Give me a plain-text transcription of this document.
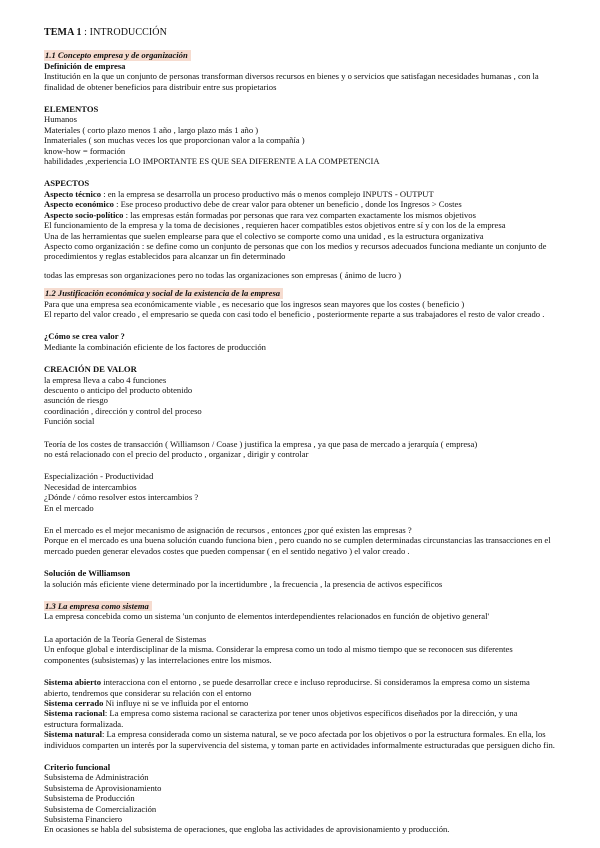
TEMA 1 : INTRODUCCIÓN
1.1 Concepto empresa y de organización
Definición de empresa
Institución en la que un conjunto de personas transforman diversos recursos en bienes y o servicios que satisfagan necesidades humanas , con la
finalidad de obtener beneficios para distribuir entre sus propietarios
ELEMENTOS
Humanos
Materiales ( corto plazo menos 1 año , largo plazo más 1 año )
Inmateriales ( son muchas veces los que proporcionan valor a la compañía )
know-how = formación
habilidades ,experiencia LO IMPORTANTE ES QUE SEA DIFERENTE A LA COMPETENCIA
ASPECTOS
Aspecto técnico : en la empresa se desarrolla un proceso productivo más o menos complejo INPUTS - OUTPUT
Aspecto económico : Ese proceso productivo debe de crear valor para obtener un beneficio , donde los Ingresos > Costes
Aspecto socio-político : las empresas están formadas por personas que rara vez comparten exactamente los mismos objetivos
El funcionamiento de la empresa y la toma de decisiones , requieren hacer compatibles estos objetivos entre sí y con los de la empresa
Una de las herramientas que suelen emplearse para que el colectivo se comporte como una unidad , es la estructura organizativa
Aspecto como organización : se define como un conjunto de personas que con los medios y recursos adecuados funciona mediante un conjunto de
procedimientos y reglas establecidos para alcanzar un fin determinado
todas las empresas son organizaciones pero no todas las organizaciones son empresas ( ánimo de lucro )
1.2 Justificación económica y social de la existencia de la empresa
Para que una empresa sea económicamente viable , es necesario que los ingresos sean mayores que los costes ( beneficio )
El reparto del valor creado , el empresario se queda con casi todo el beneficio , posteriormente reparte a sus trabajadores el resto de valor creado .
¿Cómo se crea valor ?
Mediante la combinación eficiente de los factores de producción
CREACIÓN DE VALOR
la empresa lleva a cabo 4 funciones
descuento o anticipo del producto obtenido
asunción de riesgo
coordinación , dirección y control del proceso
Función social
Teoría de los costes de transacción ( Williamson / Coase ) justifica la empresa , ya que pasa de mercado a jerarquía ( empresa)
no está relacionado con el precio del producto , organizar , dirigir y controlar
Especialización - Productividad
Necesidad de intercambios
¿Dónde / cómo resolver estos intercambios ?
En el mercado
En el mercado es el mejor mecanismo de asignación de recursos , entonces ¿por qué existen las empresas ?
Porque en el mercado es una buena solución cuando funciona bien , pero cuando no se cumplen determinadas circunstancias las transacciones en el
mercado pueden generar elevados costes que pueden compensar ( en el sentido negativo ) el valor creado .
Solución de Williamson
la solución más eficiente viene determinado por la incertidumbre , la frecuencia , la presencia de activos específicos
1.3 La empresa como sistema
La empresa concebida como un sistema 'un conjunto de elementos interdependientes relacionados en función de objetivo general'
La aportación de la Teoría General de Sistemas
Un enfoque global e interdisciplinar de la misma. Considerar la empresa como un todo al mismo tiempo que se reconocen sus diferentes
componentes (subsistemas) y las interrelaciones entre los mismos.
Sistema abierto interacciona con el entorno , se puede desarrollar crece e incluso reproducirse. Si consideramos la empresa como un sistema
abierto, tendremos que considerar su relación con el entorno
Sistema cerrado Ni influye ni se ve influida por el entorno
Sistema racional: La empresa como sistema racional se caracteriza por tener unos objetivos específicos diseñados por la dirección, y una
estructura formalizada.
Sistema natural: La empresa considerada como un sistema natural, se ve poco afectada por los objetivos o por la estructura formales. En ella, los
individuos comparten un interés por la supervivencia del sistema, y toman parte en actividades informalmente estructuradas que persiguen dicho fin.
Criterio funcional
Subsistema de Administración
Subsistema de Aprovisionamiento
Subsistema de Producción
Subsistema de Comercialización
Subsistema Financiero
En ocasiones se habla del subsistema de operaciones, que engloba las actividades de aprovisionamiento y producción.
